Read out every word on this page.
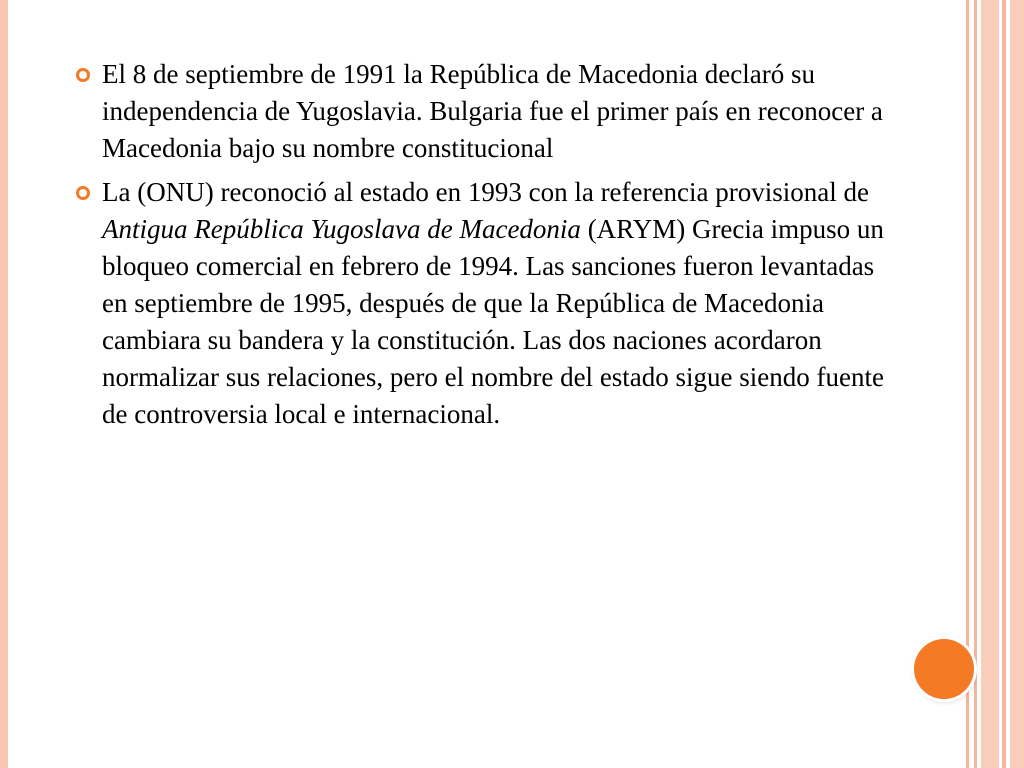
El 8 de septiembre de 1991 la República de Macedonia declaró su independencia de Yugoslavia. Bulgaria fue el primer país en reconocer a Macedonia bajo su nombre constitucional

La (ONU) reconoció al estado en 1993 con la referencia provisional de Antigua República Yugoslava de Macedonia (ARYM) Grecia impuso un bloqueo comercial en febrero de 1994. Las sanciones fueron levantadas en septiembre de 1995, después de que la República de Macedonia cambiara su bandera y la constitución. Las dos naciones acordaron normalizar sus relaciones, pero el nombre del estado sigue siendo fuente de controversia local e internacional.
